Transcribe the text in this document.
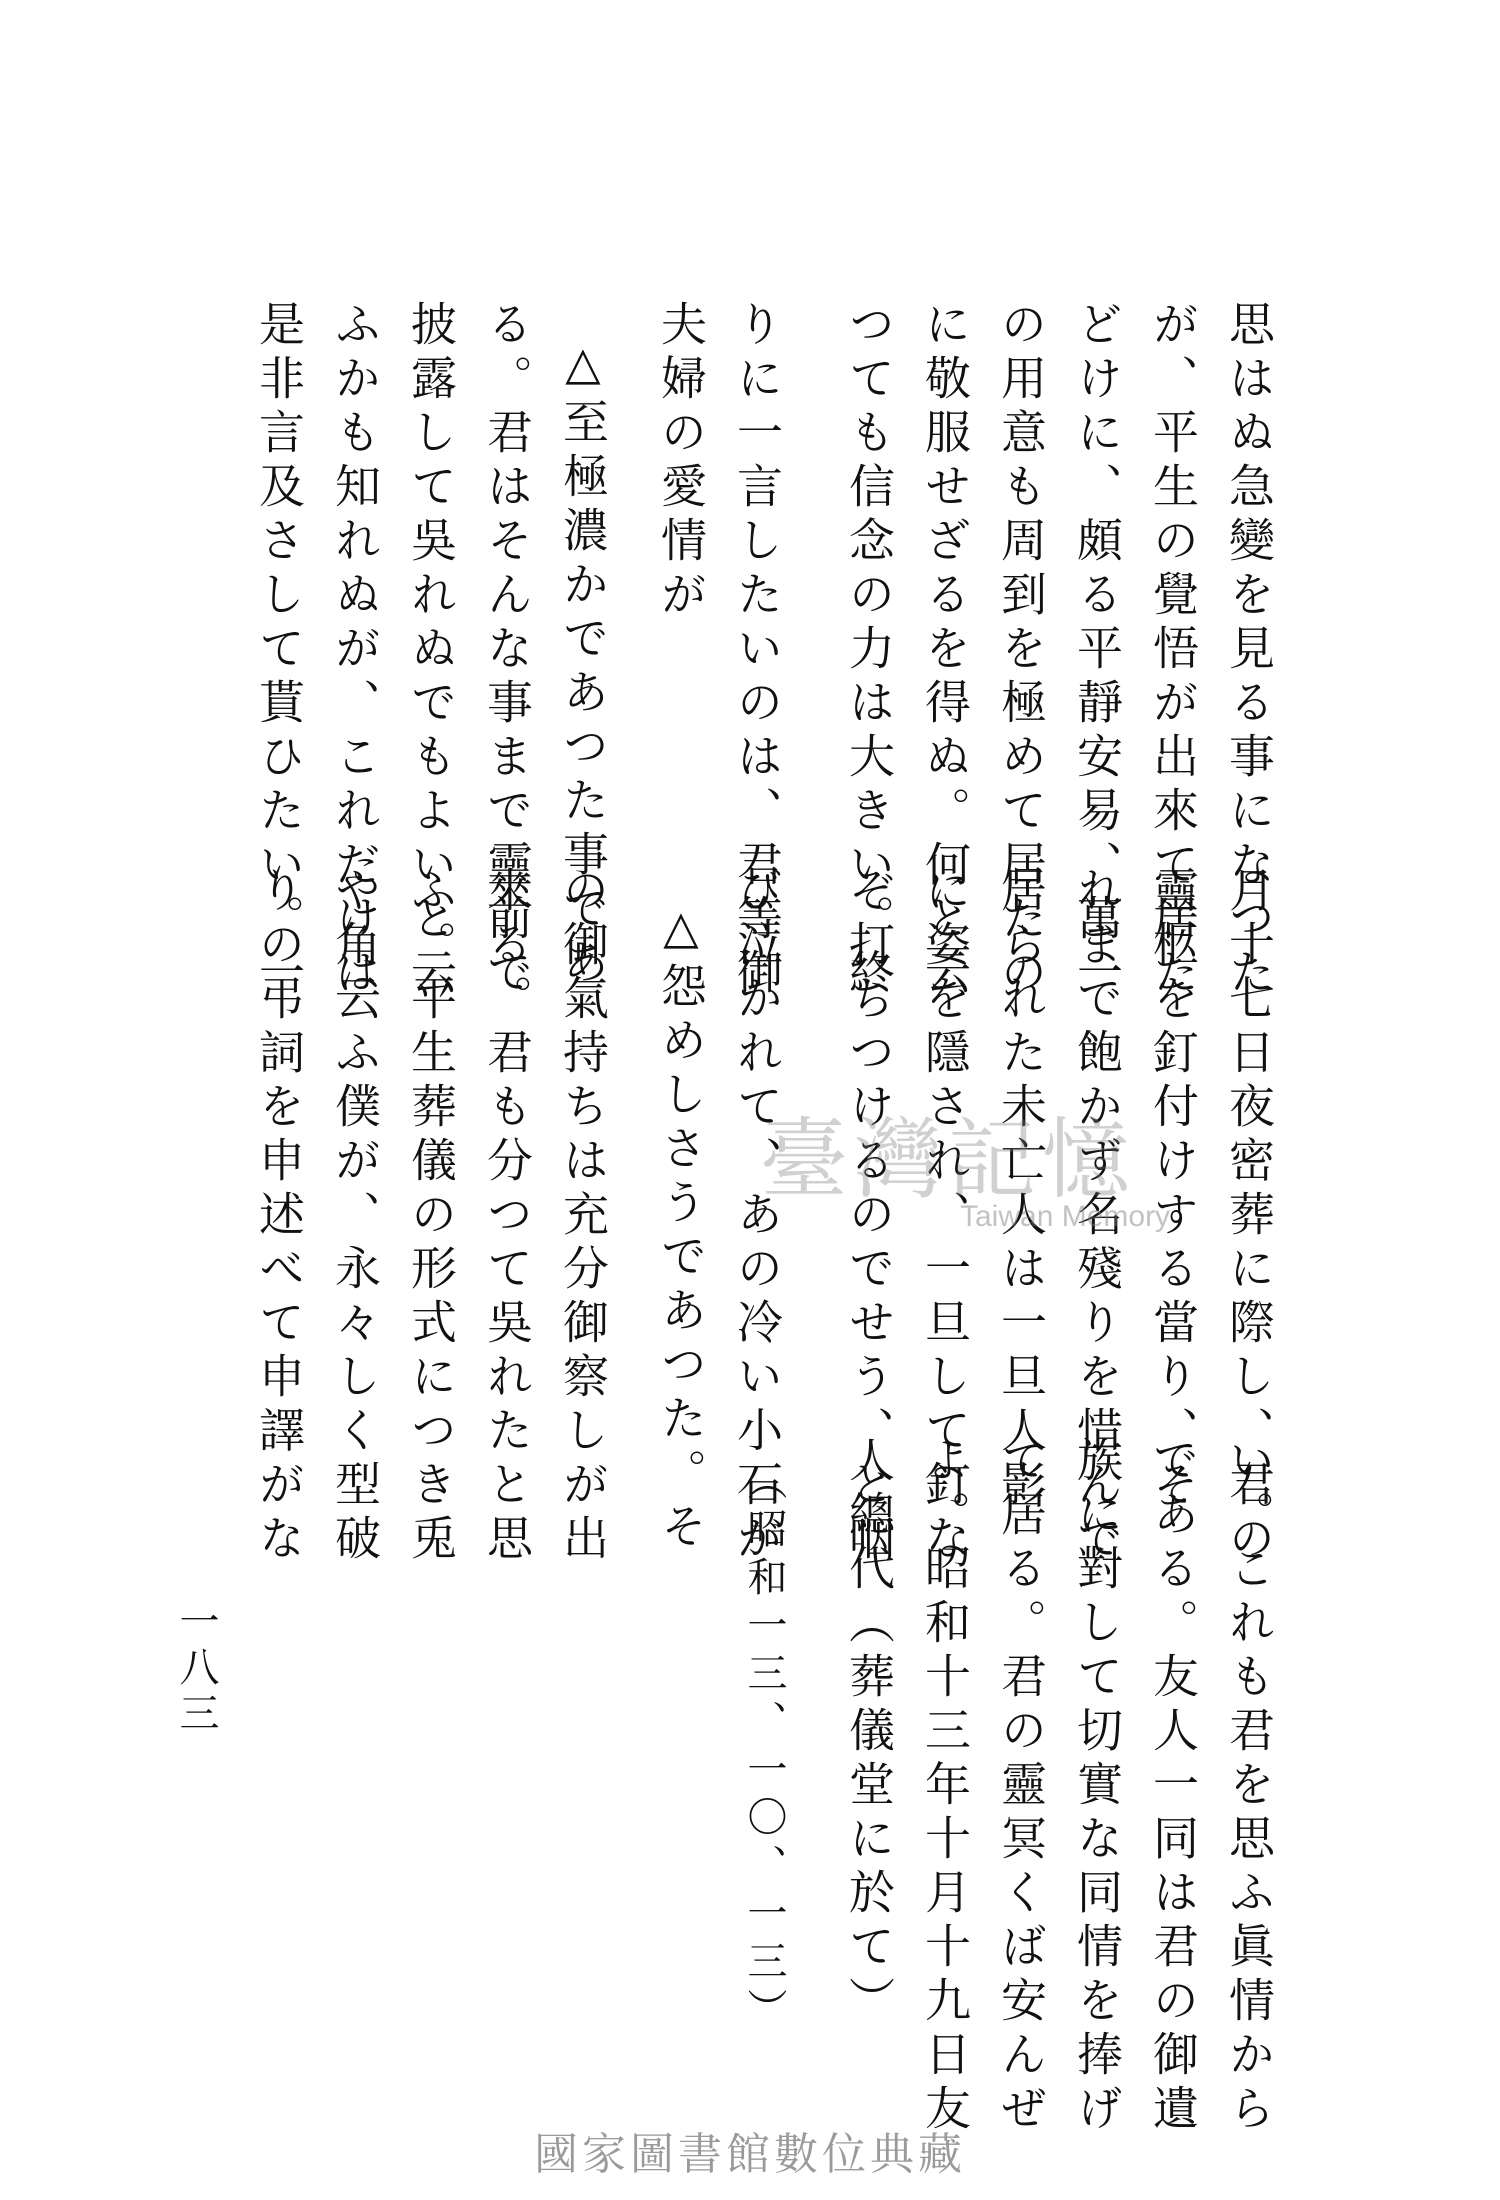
思はぬ急變を見る事になつた
が、平生の覺悟が出來て居た
どけに、頗る平靜安易、萬一
の用意も周到を極めて居たの
に敬服せざるを得ぬ。何と云
つても信念の力は大きい。終
りに一言したいのは、君等御
夫婦の愛情が
△至極濃かであつた事であ
る。君はそんな事まで靈前で
披露して吳れぬでもよいと云
ふかも知れぬが、これだけは
是非言及さして貰ひたい。一
月十七日夜密葬に際し、君の
靈柩を釘付けする當り、そ
れまで飽かず名殘りを惜んで
居られた未亡人は一旦人影
に姿を隱され、一旦して釘な
ぞ打ちつけるのでせう、と咽
び泣かれて、あの冷い小石が
△怨めしさうであつた。そ
の御氣持ちは充分御察しが出
來る。君も分つて吳れたと思
ふ。平生葬儀の形式につき兎
や角云ふ僕が、永々しく型破
りの弔詞を申述べて申譯がな
い。これも君を思ふ眞情から
である。友人一同は君の御遺
族に對して切實な同情を捧げ
て居る。君の靈冥くば安んぜ
よ。昭和十三年十月十九日友
人總代（葬儀堂に於て）
（昭和一三、一〇、一三）
一八三
臺灣記憶
Taiwan Memory
國家圖書館數位典藏
